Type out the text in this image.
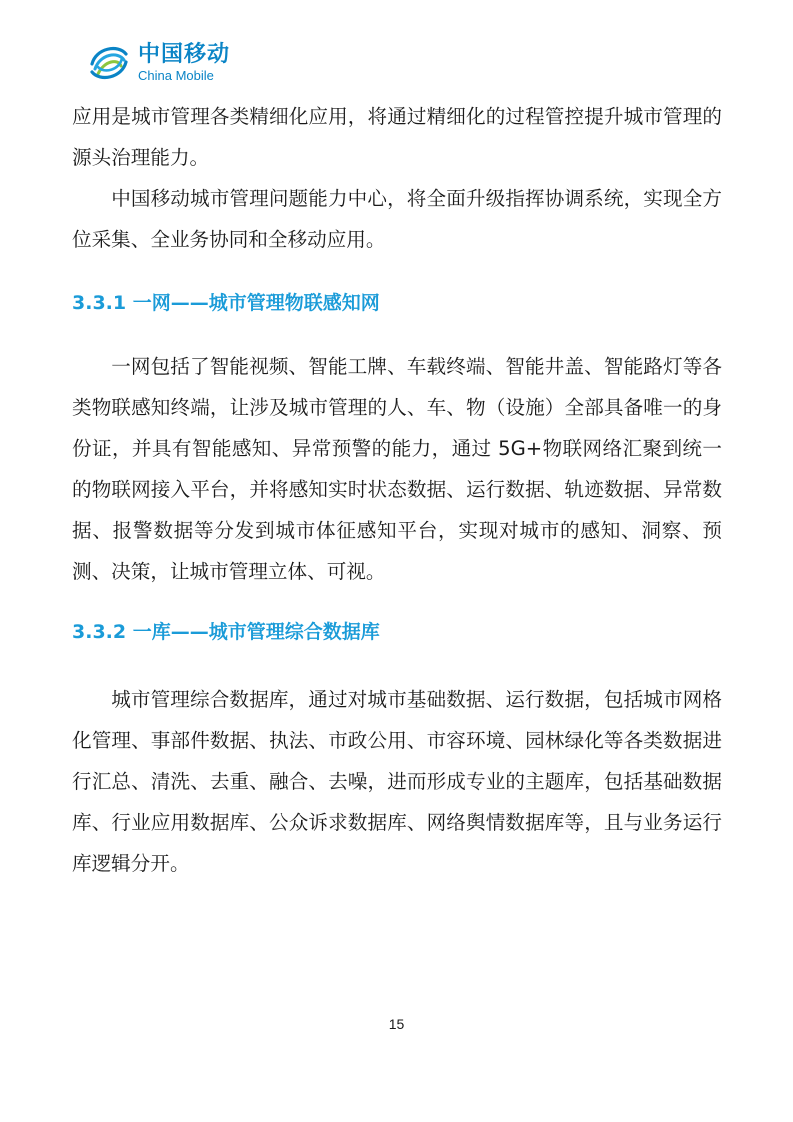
中国移动
China Mobile

应用是城市管理各类精细化应用，将通过精细化的过程管控提升城市管理的源头治理能力。

中国移动城市管理问题能力中心，将全面升级指挥协调系统，实现全方位采集、全业务协同和全移动应用。

3.3.1 一网——城市管理物联感知网

一网包括了智能视频、智能工牌、车载终端、智能井盖、智能路灯等各类物联感知终端，让涉及城市管理的人、车、物（设施）全部具备唯一的身份证，并具有智能感知、异常预警的能力，通过 5G+物联网络汇聚到统一的物联网接入平台，并将感知实时状态数据、运行数据、轨迹数据、异常数据、报警数据等分发到城市体征感知平台，实现对城市的感知、洞察、预测、决策，让城市管理立体、可视。

3.3.2 一库——城市管理综合数据库

城市管理综合数据库，通过对城市基础数据、运行数据，包括城市网格化管理、事部件数据、执法、市政公用、市容环境、园林绿化等各类数据进行汇总、清洗、去重、融合、去噪，进而形成专业的主题库，包括基础数据库、行业应用数据库、公众诉求数据库、网络舆情数据库等，且与业务运行库逻辑分开。

15
